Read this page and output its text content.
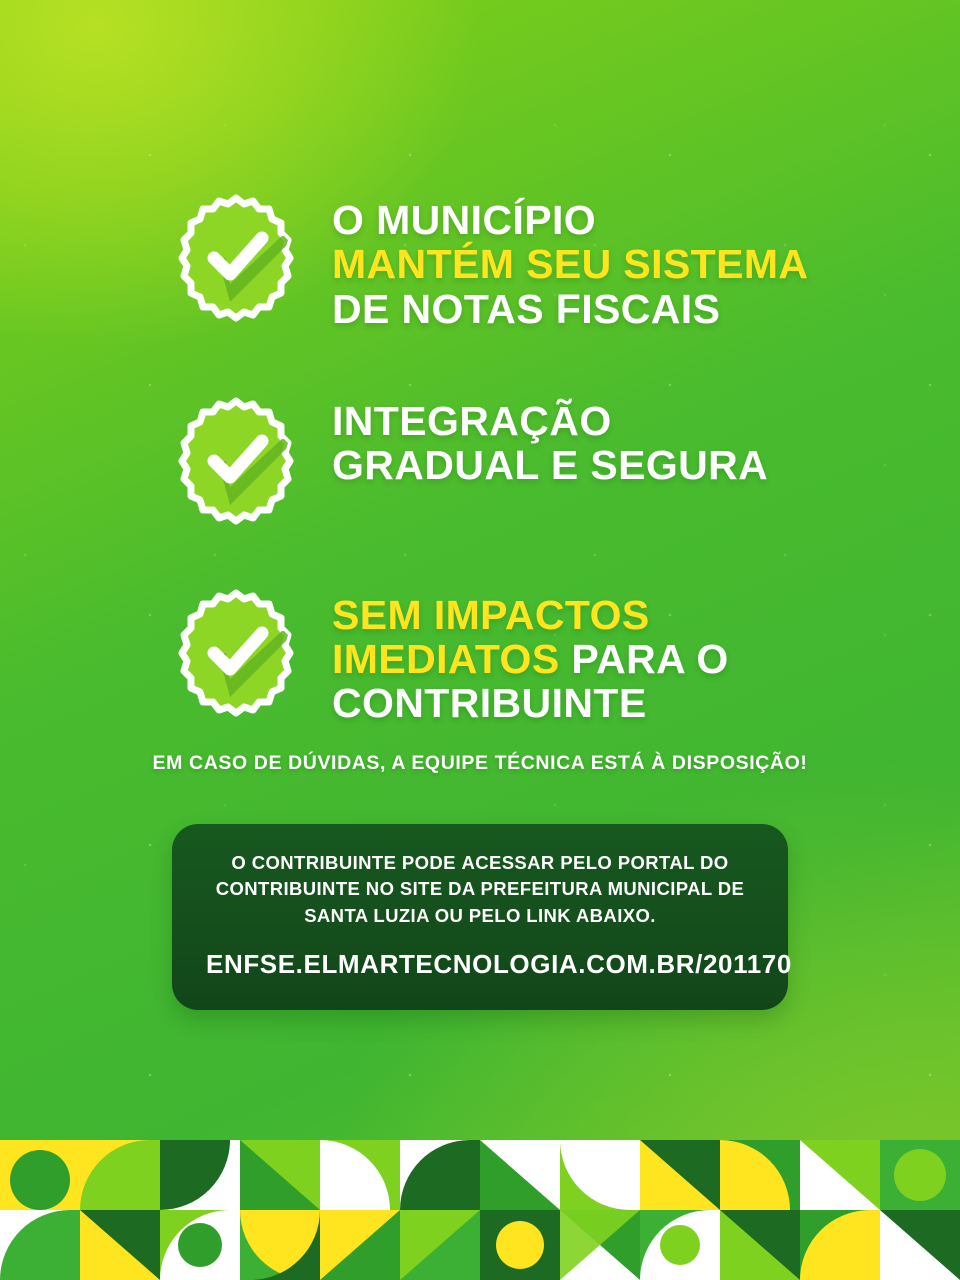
O MUNICÍPIO
MANTÉM SEU SISTEMA
DE NOTAS FISCAIS
INTEGRAÇÃO
GRADUAL E SEGURA
SEM IMPACTOS
IMEDIATOS PARA O
CONTRIBUINTE
EM CASO DE DÚVIDAS, A EQUIPE TÉCNICA ESTÁ À DISPOSIÇÃO!

O CONTRIBUINTE PODE ACESSAR PELO PORTAL DO CONTRIBUINTE NO SITE DA PREFEITURA MUNICIPAL DE SANTA LUZIA OU PELO LINK ABAIXO.

ENFSE.ELMARTECNOLOGIA.COM.BR/201170
